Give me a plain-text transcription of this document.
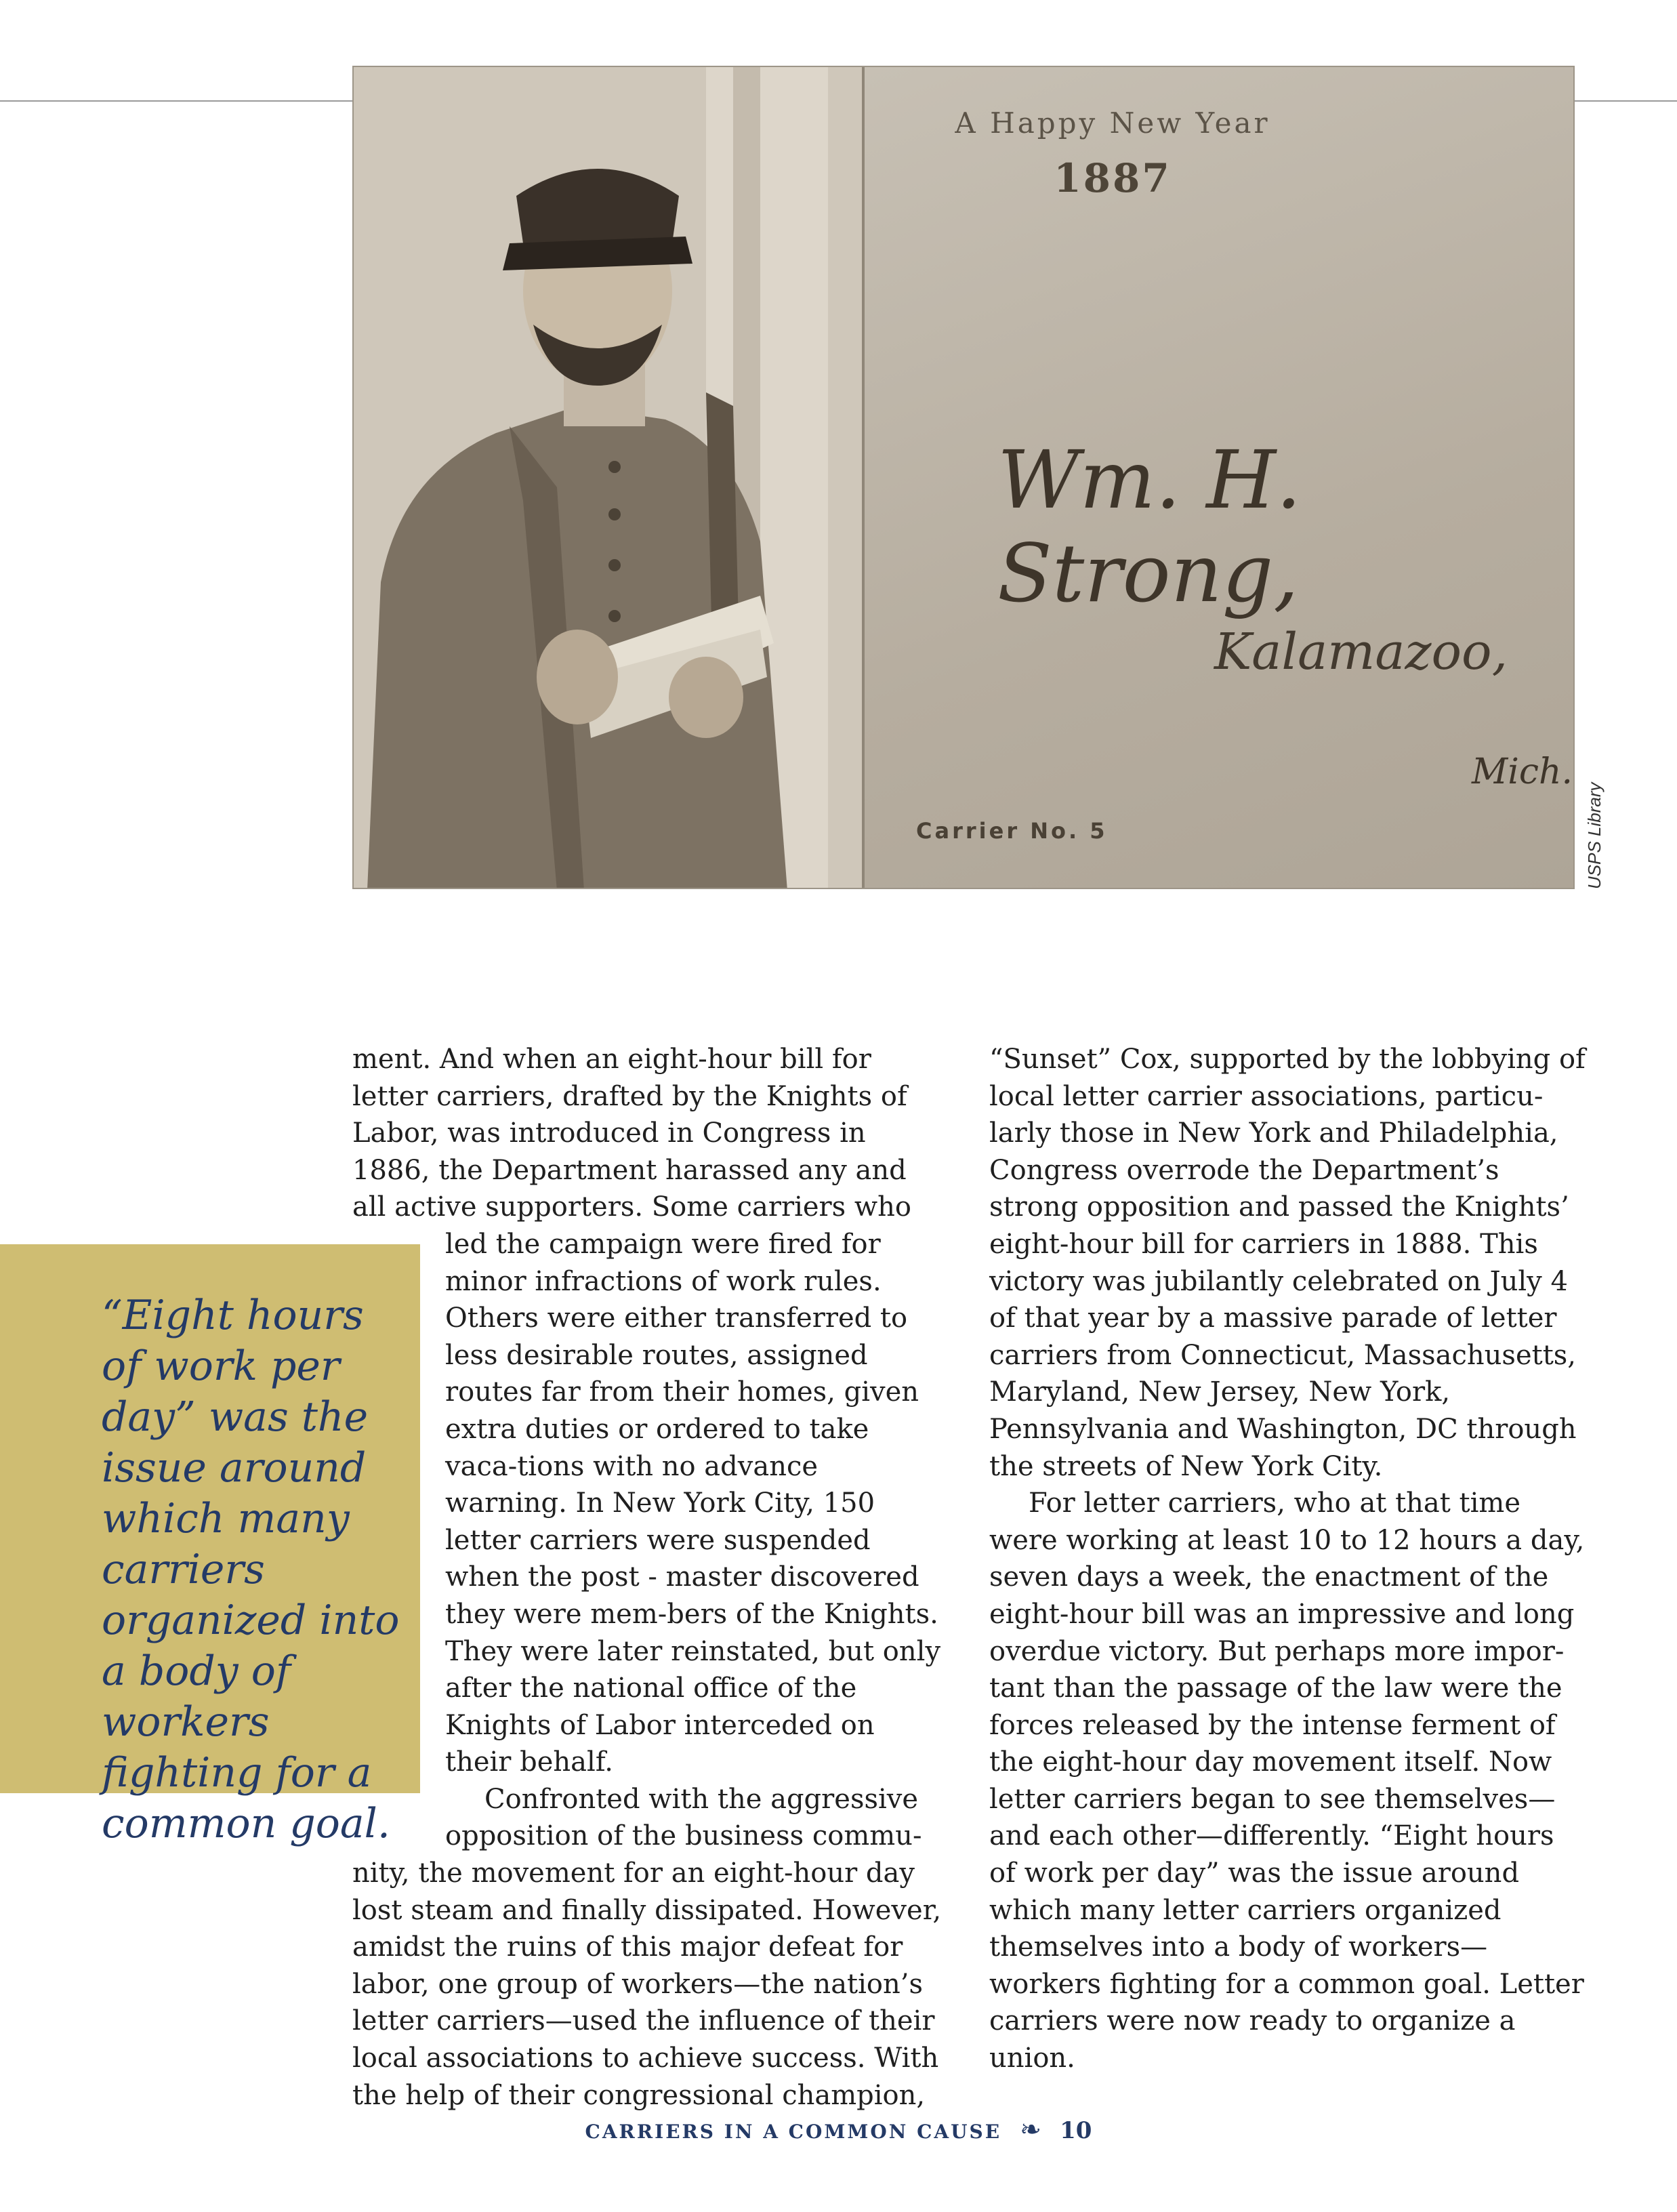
A Happy New Year
1887
Wm. H. Strong,
Kalamazoo,
Mich.
Carrier No. 5	USPS Library
“Eight hours of work per day” was the issue around which many carriers organized into a body of workers fighting for a common goal.

ment. And when an eight-hour bill for letter carriers, drafted by the Knights of Labor, was introduced in Congress in 1886, the Department harassed any and all active supporters. Some carriers who

led the campaign were fired for minor infractions of work rules. Others were either transferred to less desirable routes, assigned routes far from their homes, given extra duties or ordered to take vaca-tions with no advance warning. In New York City, 150 letter carriers were suspended when the post - master discovered they were mem-bers of the Knights. They were later reinstated, but only after the national office of the Knights of Labor interceded on their behalf.

Confronted with the aggressive opposition of the business commu-

nity, the movement for an eight-hour day lost steam and finally dissipated. However, amidst the ruins of this major defeat for labor, one group of workers—the nation’s letter carriers—used the influence of their local associations to achieve success. With the help of their congressional champion,

“Sunset” Cox, supported by the lobbying of local letter carrier associations, particu-larly those in New York and Philadelphia, Congress overrode the Department’s strong opposition and passed the Knights’ eight-hour bill for carriers in 1888. This victory was jubilantly celebrated on July 4 of that year by a massive parade of letter carriers from Connecticut, Massachusetts, Maryland, New Jersey, New York, Pennsylvania and Washington, DC through the streets of New York City.

For letter carriers, who at that time were working at least 10 to 12 hours a day, seven days a week, the enactment of the eight-hour bill was an impressive and long overdue victory. But perhaps more impor-tant than the passage of the law were the forces released by the intense ferment of the eight-hour day movement itself. Now letter carriers began to see themselves—and each other—differently. “Eight hours of work per day” was the issue around which many letter carriers organized themselves into a body of workers—workers fighting for a common goal. Letter carriers were now ready to organize a union.

CARRIERS IN A COMMON CAUSE ❧ 10
